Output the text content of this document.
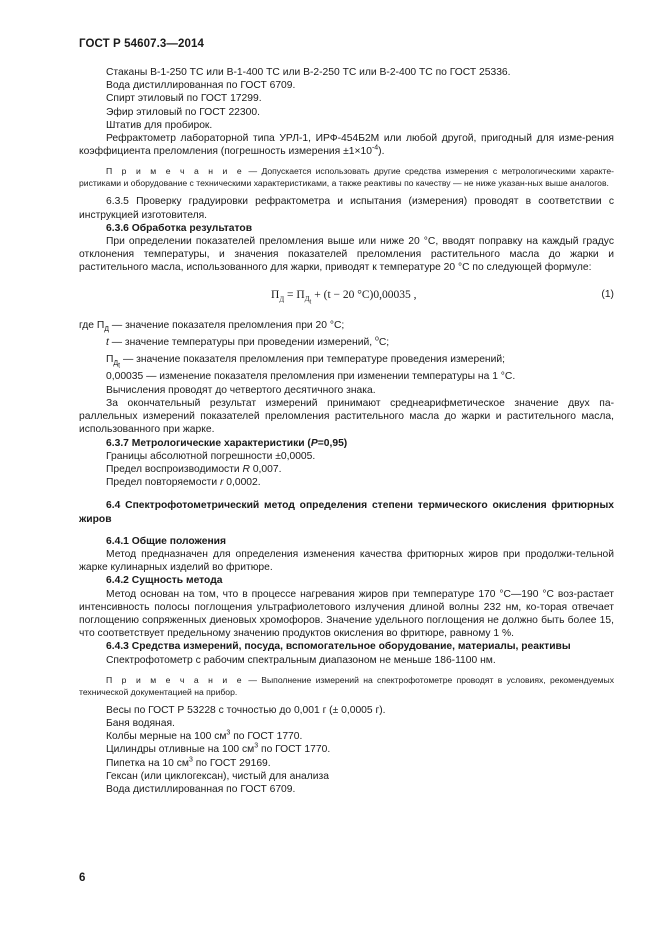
ГОСТ Р 54607.3—2014

Стаканы В-1-250 ТС или В-1-400 ТС или В-2-250 ТС или В-2-400 ТС по ГОСТ 25336.

Вода дистиллированная по ГОСТ 6709.

Спирт этиловый по ГОСТ 17299.

Эфир этиловый по ГОСТ 22300.

Штатив для пробирок.

Рефрактометр лабораторной типа УРЛ-1, ИРФ-454Б2М или любой другой, пригодный для изме-рения коэффициента преломления (погрешность измерения $\pm 1\times 10^{-4}$).

П р и м е ч а н и е — Допускается использовать другие средства измерения с метрологическими характе-ристиками и оборудование с техническими характеристиками, а также реактивы по качеству — не ниже указан-ных выше аналогов.

6.3.5 Проверку градуировки рефрактометра и испытания (измерения) проводят в соответствии с инструкцией изготовителя.

6.3.6 Обработка результатов

При определении показателей преломления выше или ниже 20 °С, вводят поправку на каждый градус отклонения температуры, и значения показателей преломления растительного масла до жарки и растительного масла, использованного для жарки, приводят к температуре 20 °С по следующей формуле:

$П_Д = П_{Д_t} + (t - 20$ °С)0,00035 ,	(1)

где $П_Д$ — значение показателя преломления при 20 °С;

t — значение температуры при проведении измерений, $^о$С;

$П_{Д_t}$ — значение показателя преломления при температуре проведения измерений;

0,00035 — изменение показателя преломления при изменении температуры на 1 °С.

Вычисления проводят до четвертого десятичного знака.

За окончательный результат измерений принимают среднеарифметическое значение двух па-раллельных измерений показателей преломления растительного масла до жарки и растительного масла, использованного при жарке.

6.3.7 Метрологические характеристики (Р=0,95)

Границы абсолютной погрешности ±0,0005.

Предел воспроизводимости R 0,007.

Предел повторяемости r 0,0002.

6.4 Спектрофотометрический метод определения степени термического окисления фритюрных жиров

6.4.1 Общие положения

Метод предназначен для определения изменения качества фритюрных жиров при продолжи-тельной жарке кулинарных изделий во фритюре.

6.4.2 Сущность метода

Метод основан на том, что в процессе нагревания жиров при температуре 170 °С—190 °С воз-растает интенсивность полосы поглощения ультрафиолетового излучения длиной волны 232 нм, ко-торая отвечает поглощению сопряженных диеновых хромофоров. Значение удельного поглощения не должно быть более 15, что соответствует предельному значению продуктов окисления во фритюре, равному 1 %.

6.4.3 Средства измерений, посуда, вспомогательное оборудование, материалы, реактивы

Спектрофотометр с рабочим спектральным диапазоном не меньше 186-1100 нм.

П р и м е ч а н и е — Выполнение измерений на спектрофотометре проводят в условиях, рекомендуемых технической документацией на прибор.

Весы по ГОСТ Р 53228 с точностью до 0,001 г (± 0,0005 г).

Баня водяная.

Колбы мерные на 100 $см^3$ по ГОСТ 1770.

Цилиндры отливные на 100 $см^3$ по ГОСТ 1770.

Пипетка на 10 $см^3$ по ГОСТ 29169.

Гексан (или циклогексан), чистый для анализа

Вода дистиллированная по ГОСТ 6709.

6
